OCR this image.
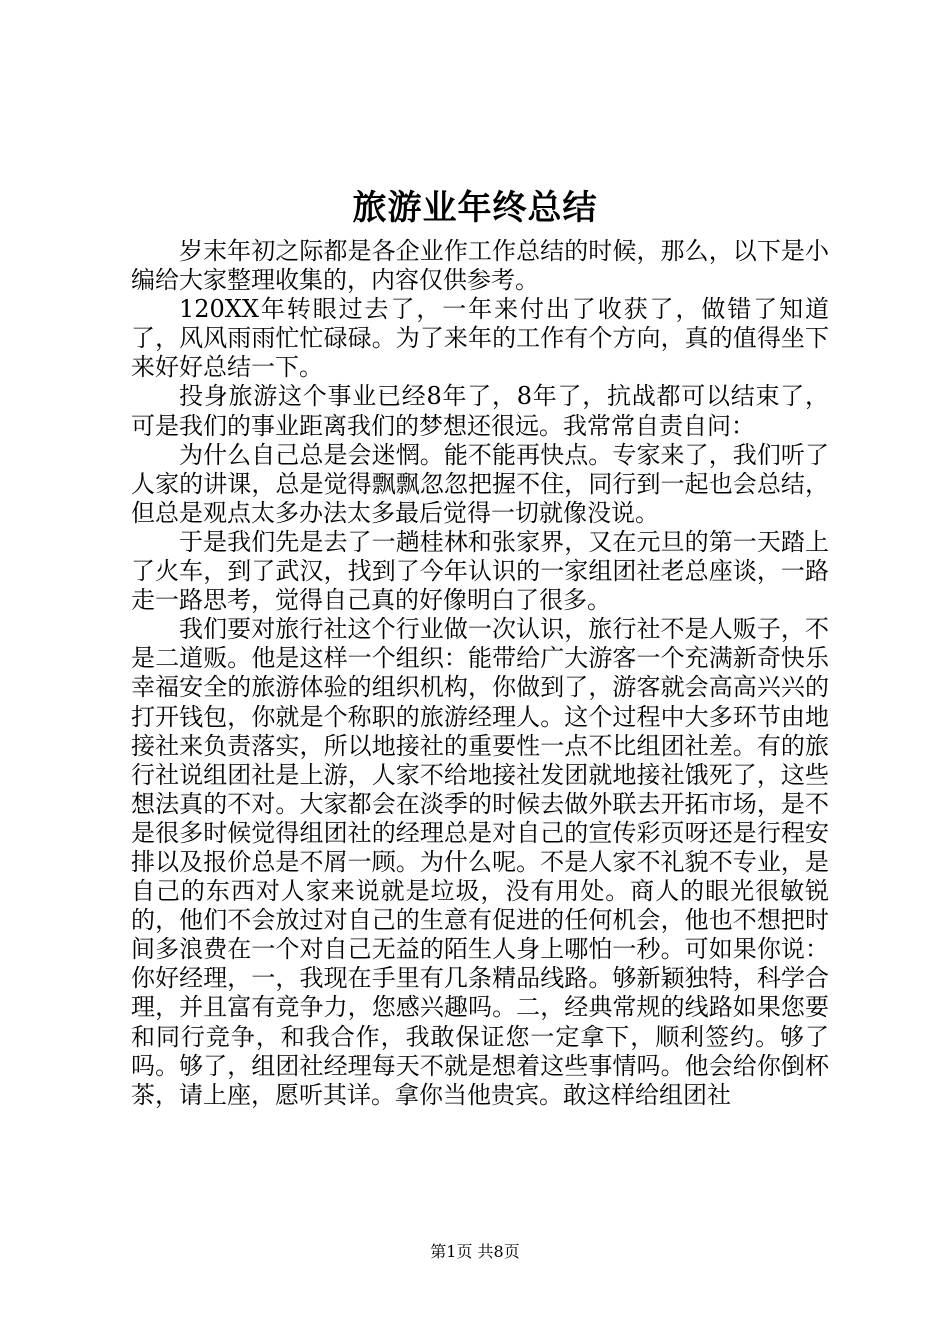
旅游业年终总结

岁末年初之际都是各企业作工作总结的时候，那么，以下是小编给大家整理收集的，内容仅供参考。

120XX年转眼过去了，一年来付出了收获了，做错了知道了，风风雨雨忙忙碌碌。为了来年的工作有个方向，真的值得坐下来好好总结一下。

投身旅游这个事业已经8年了，8年了，抗战都可以结束了，可是我们的事业距离我们的梦想还很远。我常常自责自问：

为什么自己总是会迷惘。能不能再快点。专家来了，我们听了人家的讲课，总是觉得飘飘忽忽把握不住，同行到一起也会总结，但总是观点太多办法太多最后觉得一切就像没说。

于是我们先是去了一趟桂林和张家界，又在元旦的第一天踏上了火车，到了武汉，找到了今年认识的一家组团社老总座谈，一路走一路思考，觉得自己真的好像明白了很多。

我们要对旅行社这个行业做一次认识，旅行社不是人贩子，不是二道贩。他是这样一个组织：能带给广大游客一个充满新奇快乐幸福安全的旅游体验的组织机构，你做到了，游客就会高高兴兴的打开钱包，你就是个称职的旅游经理人。这个过程中大多环节由地接社来负责落实，所以地接社的重要性一点不比组团社差。有的旅行社说组团社是上游，人家不给地接社发团就地接社饿死了，这些想法真的不对。大家都会在淡季的时候去做外联去开拓市场，是不是很多时候觉得组团社的经理总是对自己的宣传彩页呀还是行程安排以及报价总是不屑一顾。为什么呢。不是人家不礼貌不专业，是自己的东西对人家来说就是垃圾，没有用处。商人的眼光很敏锐的，他们不会放过对自己的生意有促进的任何机会，他也不想把时间多浪费在一个对自己无益的陌生人身上哪怕一秒。可如果你说：你好经理，一，我现在手里有几条精品线路。够新颖独特，科学合理，并且富有竞争力，您感兴趣吗。二，经典常规的线路如果您要和同行竞争，和我合作，我敢保证您一定拿下，顺利签约。够了吗。够了，组团社经理每天不就是想着这些事情吗。他会给你倒杯茶，请上座，愿听其详。拿你当他贵宾。敢这样给组团社

第1页 共8页
